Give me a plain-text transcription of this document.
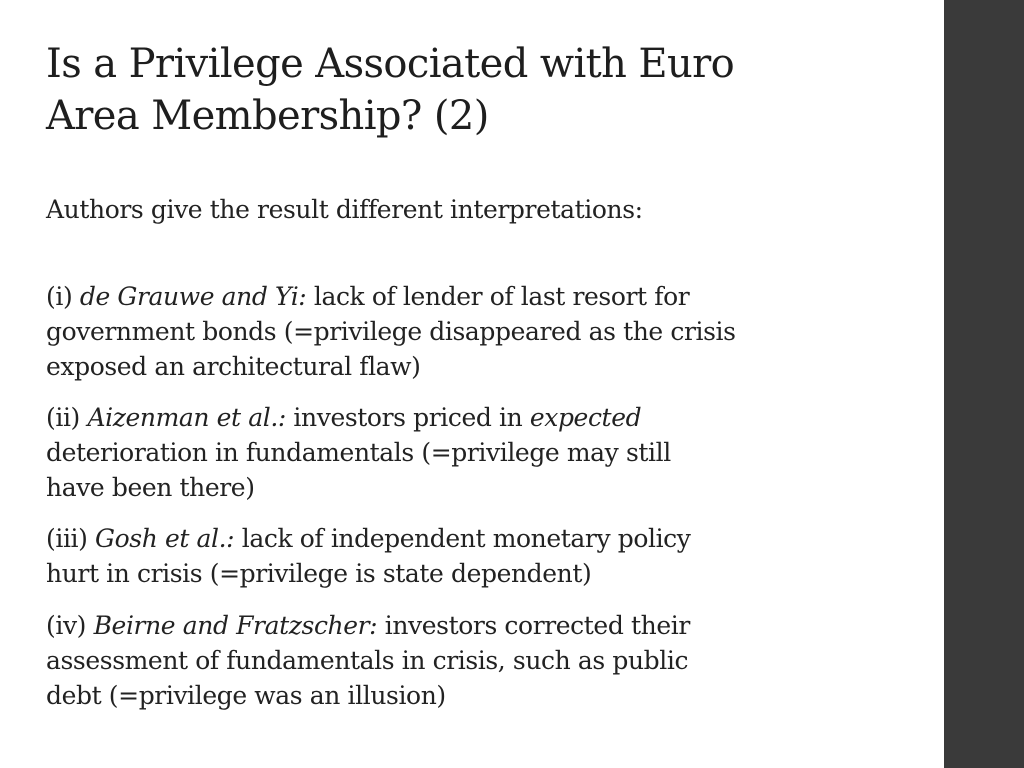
Is a Privilege Associated with Euro
Area Membership? (2)
Authors give the result different interpretations:
(i) de Grauwe and Yi: lack of lender of last resort for
government bonds (=privilege disappeared as the crisis
exposed an architectural flaw)
(ii) Aizenman et al.: investors priced in expected
deterioration in fundamentals (=privilege may still
have been there)
(iii) Gosh et al.: lack of independent monetary policy
hurt in crisis (=privilege is state dependent)
(iv) Beirne and Fratzscher: investors corrected their
assessment of fundamentals in crisis, such as public
debt (=privilege was an illusion)
